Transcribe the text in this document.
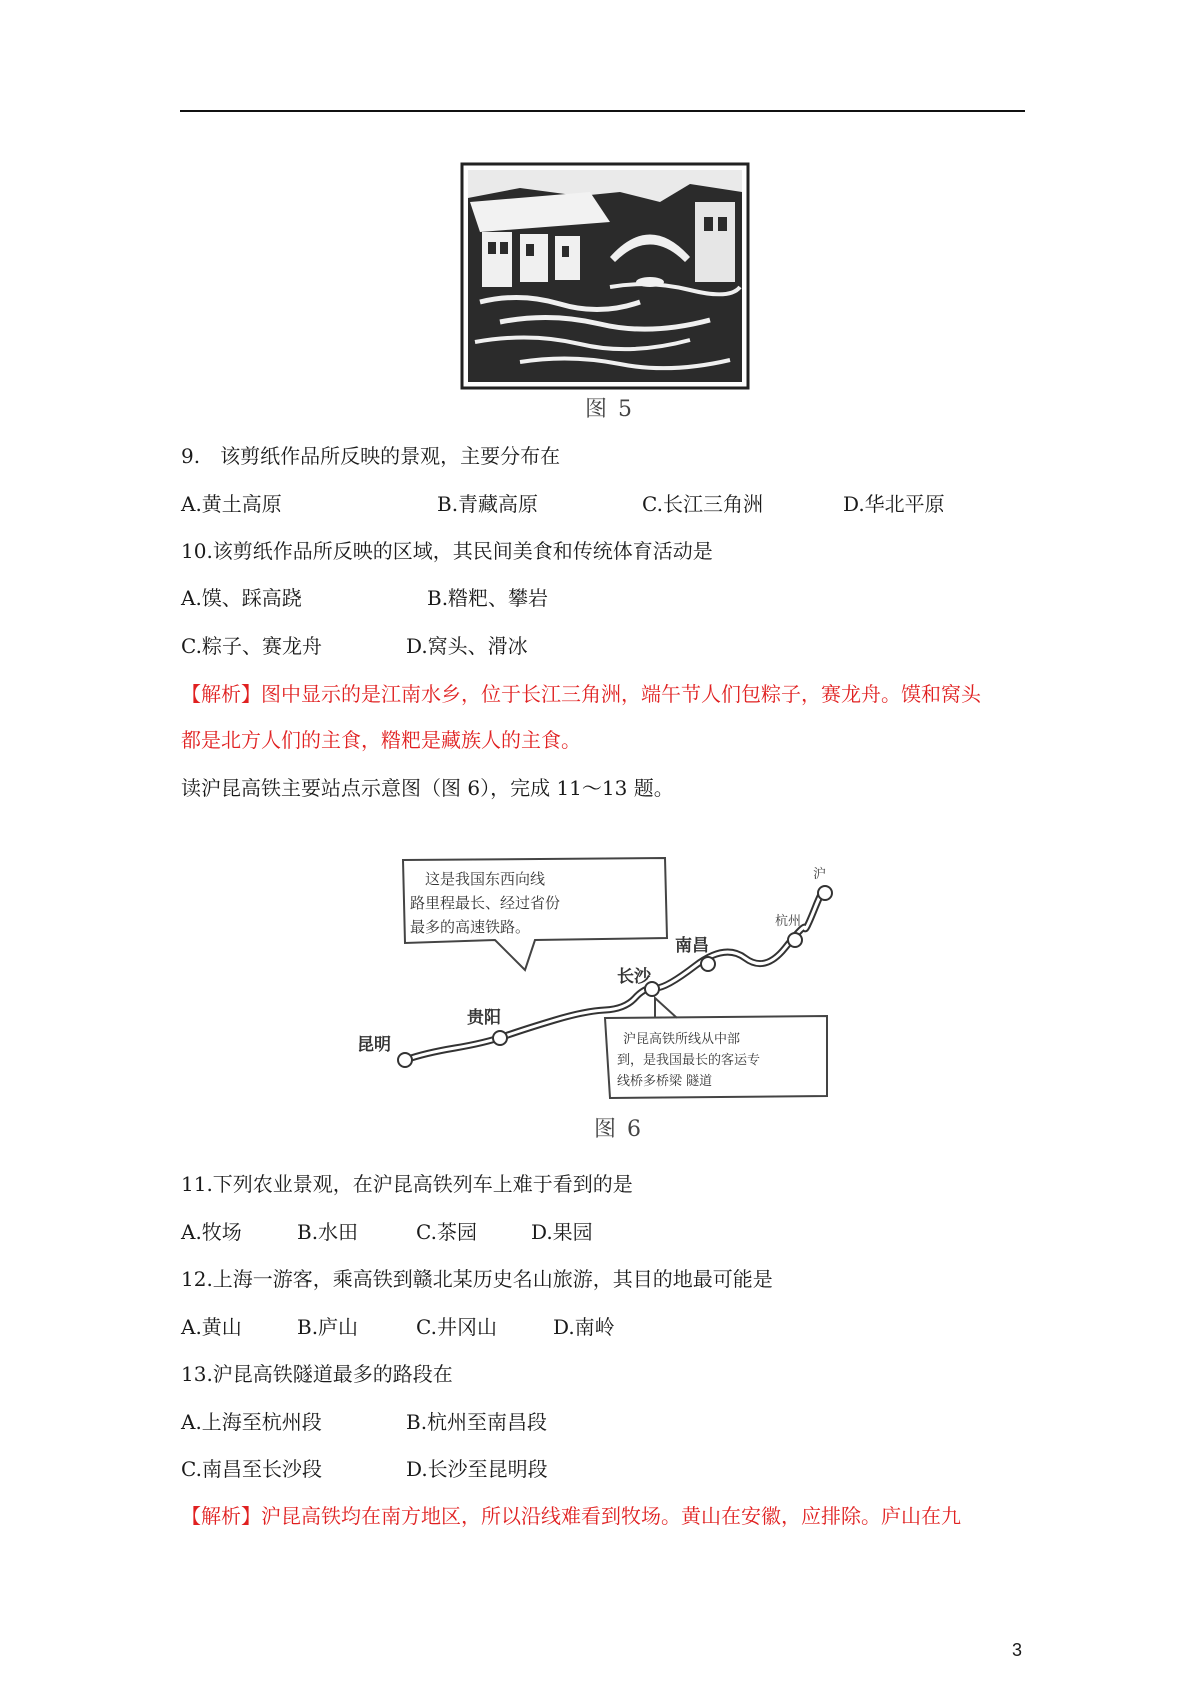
图 5
9.　该剪纸作品所反映的景观，主要分布在
A.黄土高原	B.青藏高原	C.长江三角洲	D.华北平原
10.该剪纸作品所反映的区域，其民间美食和传统体育活动是
A.馍、踩高跷	B.糌粑、攀岩
C.粽子、赛龙舟	D.窝头、滑冰
【解析】图中显示的是江南水乡，位于长江三角洲，端午节人们包粽子，赛龙舟。馍和窝头
都是北方人们的主食，糌粑是藏族人的主食。
读沪昆高铁主要站点示意图（图 6），完成 11～13 题。
这是我国东西向线
路里程最长、经过省份
最多的高速铁路。
沪昆高铁所线从中部
到，是我国最长的客运专
线桥多桥梁 隧道
昆明
贵阳
长沙
南昌
杭州
沪
图 6
11.下列农业景观，在沪昆高铁列车上难于看到的是
A.牧场	B.水田	C.茶园	D.果园
12.上海一游客，乘高铁到赣北某历史名山旅游，其目的地最可能是
A.黄山	B.庐山	C.井冈山	D.南岭
13.沪昆高铁隧道最多的路段在
A.上海至杭州段	B.杭州至南昌段
C.南昌至长沙段	D.长沙至昆明段
【解析】沪昆高铁均在南方地区，所以沿线难看到牧场。黄山在安徽，应排除。庐山在九
3
